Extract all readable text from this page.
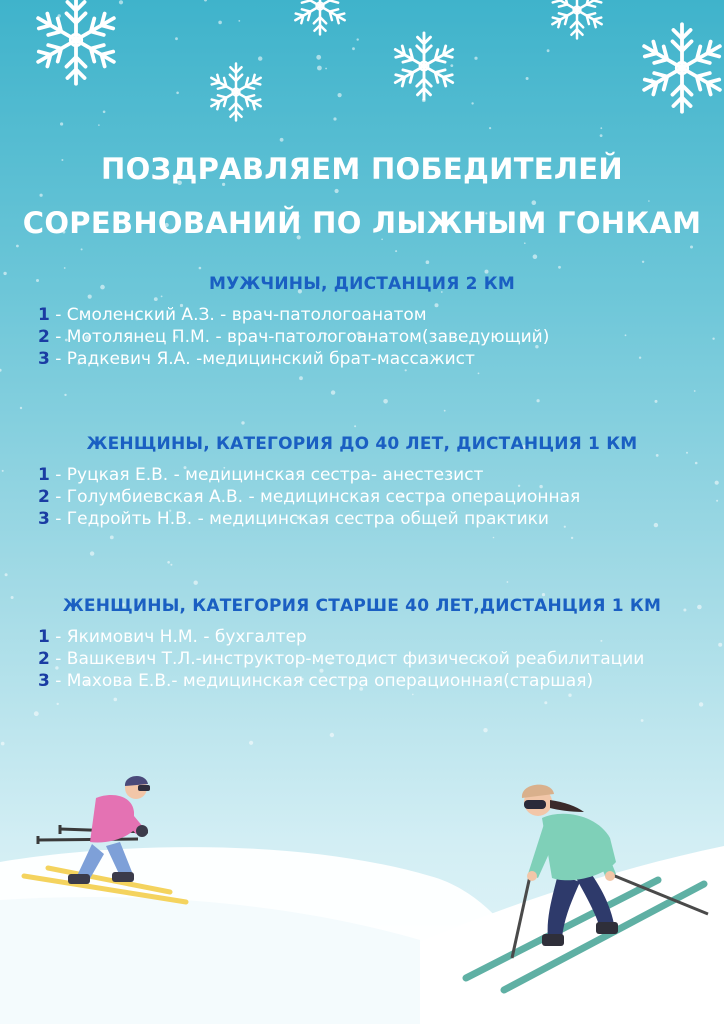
ПОЗДРАВЛЯЕМ ПОБЕДИТЕЛЕЙ
СОРЕВНОВАНИЙ ПО ЛЫЖНЫМ ГОНКАМ
МУЖЧИНЫ, ДИСТАНЦИЯ 2 КМ

1 - Смоленский А.З. - врач-патологоанатом

2 - Мотолянец П.М. - врач-патологоанатом(заведующий)

3 - Радкевич Я.А. -медицинский брат-массажист

ЖЕНЩИНЫ, КАТЕГОРИЯ ДО 40 ЛЕТ, ДИСТАНЦИЯ 1 КМ

1 - Руцкая Е.В. - медицинская сестра- анестезист

2 - Голумбиевская А.В. - медицинская сестра операционная

3 - Гедройть Н.В. - медицинская сестра общей практики

ЖЕНЩИНЫ, КАТЕГОРИЯ СТАРШЕ 40 ЛЕТ,ДИСТАНЦИЯ 1 КМ

1 - Якимович Н.М. - бухгалтер

2 - Вашкевич Т.Л.-инструктор-методист физической реабилитации

3 - Махова Е.В.- медицинская сестра операционная(старшая)
